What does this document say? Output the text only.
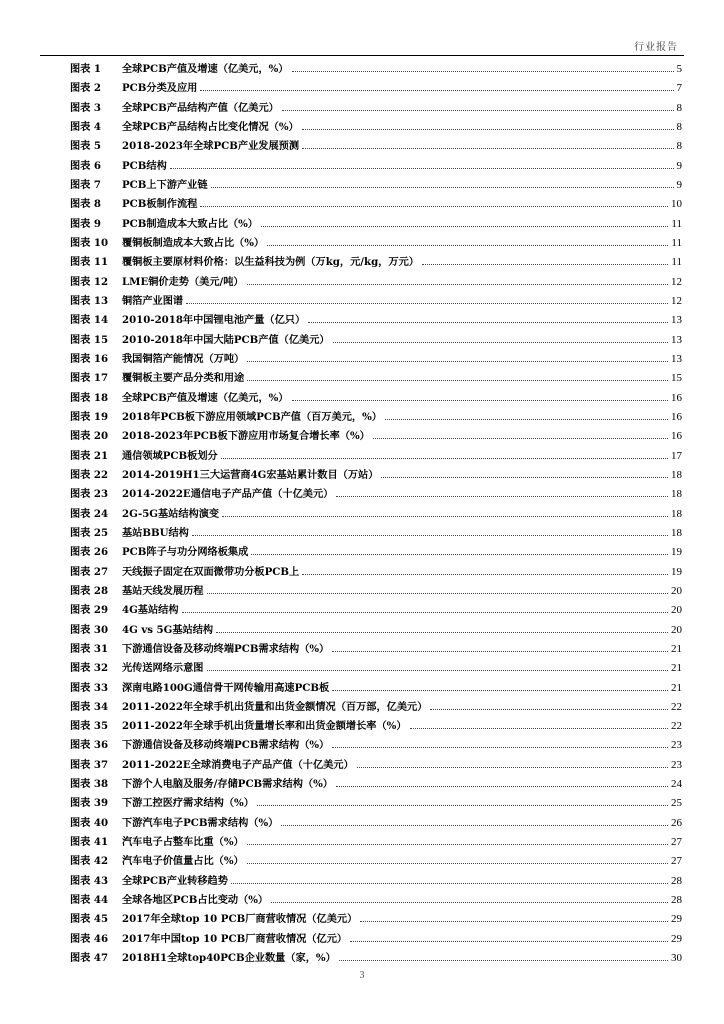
行业报告
图表 1	全球PCB产值及增速（亿美元，%）	5
图表 2	PCB分类及应用	7
图表 3	全球PCB产品结构产值（亿美元）	8
图表 4	全球PCB产品结构占比变化情况（%）	8
图表 5	2018-2023年全球PCB产业发展预测	8
图表 6	PCB结构	9
图表 7	PCB上下游产业链	9
图表 8	PCB板制作流程	10
图表 9	PCB制造成本大致占比（%）	11
图表 10	覆铜板制造成本大致占比（%）	11
图表 11	覆铜板主要原材料价格：以生益科技为例（万kg，元/kg，万元）	11
图表 12	LME铜价走势（美元/吨）	12
图表 13	铜箔产业图谱	12
图表 14	2010-2018年中国锂电池产量（亿只）	13
图表 15	2010-2018年中国大陆PCB产值（亿美元）	13
图表 16	我国铜箔产能情况（万吨）	13
图表 17	覆铜板主要产品分类和用途	15
图表 18	全球PCB产值及增速（亿美元，%）	16
图表 19	2018年PCB板下游应用领域PCB产值（百万美元，%）	16
图表 20	2018-2023年PCB板下游应用市场复合增长率（%）	16
图表 21	通信领域PCB板划分	17
图表 22	2014-2019H1三大运营商4G宏基站累计数目（万站）	18
图表 23	2014-2022E通信电子产品产值（十亿美元）	18
图表 24	2G-5G基站结构演变	18
图表 25	基站BBU结构	18
图表 26	PCB阵子与功分网络板集成	19
图表 27	天线振子固定在双面微带功分板PCB上	19
图表 28	基站天线发展历程	20
图表 29	4G基站结构	20
图表 30	4G vs 5G基站结构	20
图表 31	下游通信设备及移动终端PCB需求结构（%）	21
图表 32	光传送网络示意图	21
图表 33	深南电路100G通信骨干网传输用高速PCB板	21
图表 34	2011-2022年全球手机出货量和出货金额情况（百万部，亿美元）	22
图表 35	2011-2022年全球手机出货量增长率和出货金额增长率（%）	22
图表 36	下游通信设备及移动终端PCB需求结构（%）	23
图表 37	2011-2022E全球消费电子产品产值（十亿美元）	23
图表 38	下游个人电脑及服务/存储PCB需求结构（%）	24
图表 39	下游工控医疗需求结构（%）	25
图表 40	下游汽车电子PCB需求结构（%）	26
图表 41	汽车电子占整车比重（%）	27
图表 42	汽车电子价值量占比（%）	27
图表 43	全球PCB产业转移趋势	28
图表 44	全球各地区PCB占比变动（%）	28
图表 45	2017年全球top 10 PCB厂商营收情况（亿美元）	29
图表 46	2017年中国top 10 PCB厂商营收情况（亿元）	29
图表 47	2018H1全球top40PCB企业数量（家，%）	30
3
